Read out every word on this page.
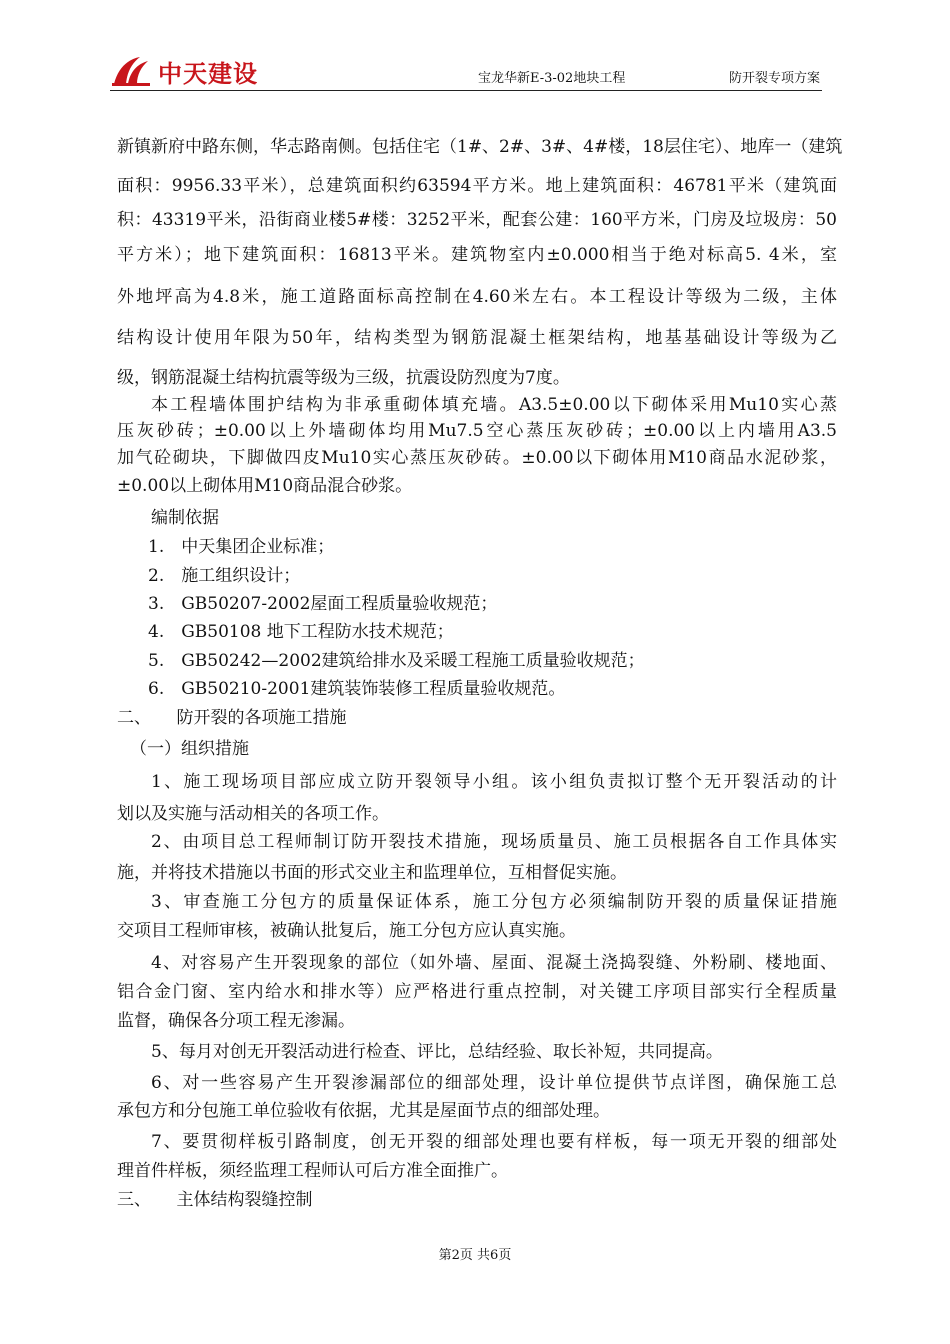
中天建设	宝龙华新E-3-02地块工程	防开裂专项方案
新镇新府中路东侧，华志路南侧。包括住宅（1#、2#、3#、4#楼，18层住宅）、地库一（建筑
面积：9956.33平米），总建筑面积约63594平方米。地上建筑面积：46781平米（建筑面
积：43319平米，沿街商业楼5#楼：3252平米，配套公建：160平方米，门房及垃圾房：50
平方米）；地下建筑面积：16813平米。建筑物室内±0.000相当于绝对标高5. 4米，室
外地坪高为4.8米，施工道路面标高控制在4.60米左右。本工程设计等级为二级，主体
结构设计使用年限为50年，结构类型为钢筋混凝土框架结构，地基基础设计等级为乙
级，钢筋混凝土结构抗震等级为三级，抗震设防烈度为7度。
本工程墙体围护结构为非承重砌体填充墙。A3.5±0.00以下砌体采用Mu10实心蒸
压灰砂砖；±0.00以上外墙砌体均用Mu7.5空心蒸压灰砂砖；±0.00以上内墙用A3.5
加气砼砌块，下脚做四皮Mu10实心蒸压灰砂砖。±0.00以下砌体用M10商品水泥砂浆，
±0.00以上砌体用M10商品混合砂浆。
编制依据
1.　中天集团企业标准；
2.　施工组织设计；
3.　GB50207-2002屋面工程质量验收规范；
4.　GB50108 地下工程防水技术规范；
5.　GB50242—2002建筑给排水及采暖工程施工质量验收规范；
6.　GB50210-2001建筑装饰装修工程质量验收规范。
二、　　防开裂的各项施工措施
（一）组织措施
1、施工现场项目部应成立防开裂领导小组。该小组负责拟订整个无开裂活动的计
划以及实施与活动相关的各项工作。
2、由项目总工程师制订防开裂技术措施，现场质量员、施工员根据各自工作具体实
施，并将技术措施以书面的形式交业主和监理单位，互相督促实施。
3、审查施工分包方的质量保证体系，施工分包方必须编制防开裂的质量保证措施
交项目工程师审核，被确认批复后，施工分包方应认真实施。
4、对容易产生开裂现象的部位（如外墙、屋面、混凝土浇捣裂缝、外粉刷、楼地面、
铝合金门窗、室内给水和排水等）应严格进行重点控制，对关键工序项目部实行全程质量
监督，确保各分项工程无渗漏。
5、每月对创无开裂活动进行检查、评比，总结经验、取长补短，共同提高。
6、对一些容易产生开裂渗漏部位的细部处理，设计单位提供节点详图，确保施工总
承包方和分包施工单位验收有依据，尤其是屋面节点的细部处理。
7、要贯彻样板引路制度，创无开裂的细部处理也要有样板，每一项无开裂的细部处
理首件样板，须经监理工程师认可后方准全面推广。
三、　　主体结构裂缝控制
第2页 共6页
